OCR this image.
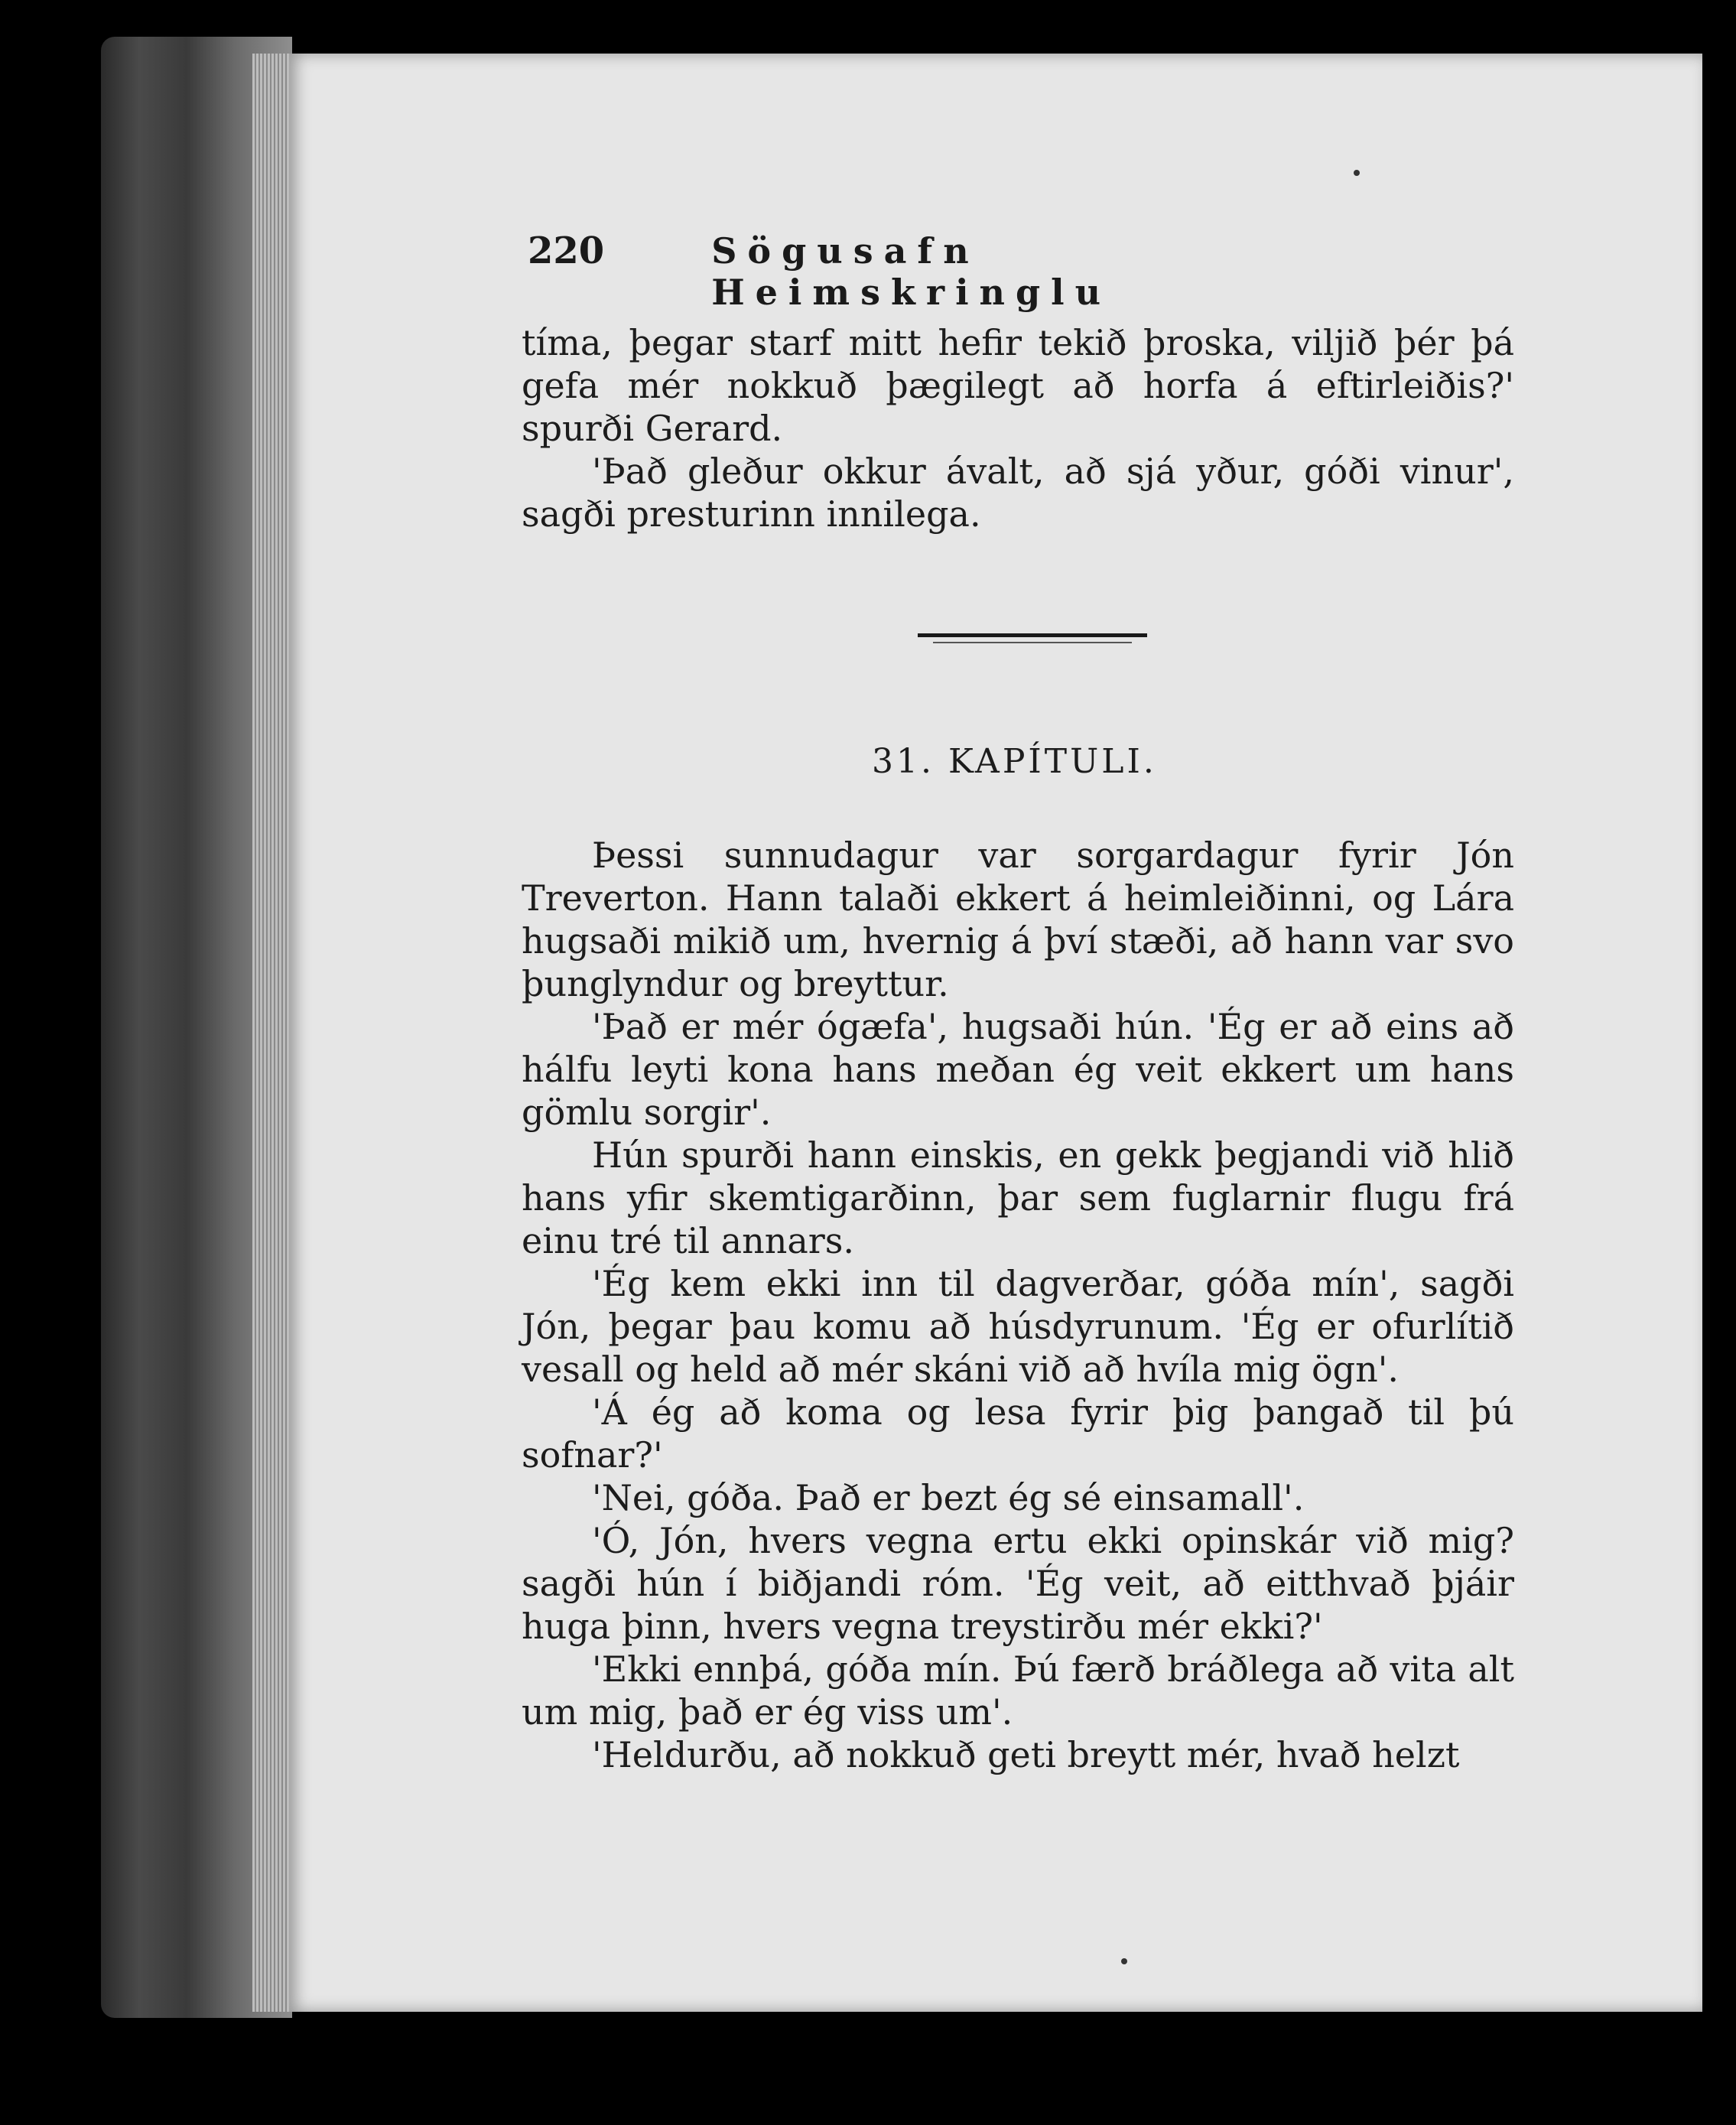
220	Sögusafn Heimskringlu

tíma, þegar starf mitt hefir tekið þroska, viljið þér þá gefa mér nokkuð þægilegt að horfa á eftirleiðis?' spurði Gerard.

'Það gleður okkur ávalt, að sjá yður, góði vinur', sagði presturinn innilega.

31. KAPÍTULI.

Þessi sunnudagur var sorgardagur fyrir Jón Treverton. Hann talaði ekkert á heimleiðinni, og Lára hugsaði mikið um, hvernig á því stæði, að hann var svo þunglyndur og breyttur.

'Það er mér ógæfa', hugsaði hún. 'Ég er að eins að hálfu leyti kona hans meðan ég veit ekkert um hans gömlu sorgir'.

Hún spurði hann einskis, en gekk þegjandi við hlið hans yfir skemtigarðinn, þar sem fuglarnir flugu frá einu tré til annars.

'Ég kem ekki inn til dagverðar, góða mín', sagði Jón, þegar þau komu að húsdyrunum. 'Ég er ofurlítið vesall og held að mér skáni við að hvíla mig ögn'.

'Á ég að koma og lesa fyrir þig þangað til þú sofnar?'

'Nei, góða. Það er bezt ég sé einsamall'.

'Ó, Jón, hvers vegna ertu ekki opinskár við mig? sagði hún í biðjandi róm. 'Ég veit, að eitthvað þjáir huga þinn, hvers vegna treystirðu mér ekki?'

'Ekki ennþá, góða mín. Þú færð bráðlega að vita alt um mig, það er ég viss um'.

'Heldurðu, að nokkuð geti breytt mér, hvað helzt
